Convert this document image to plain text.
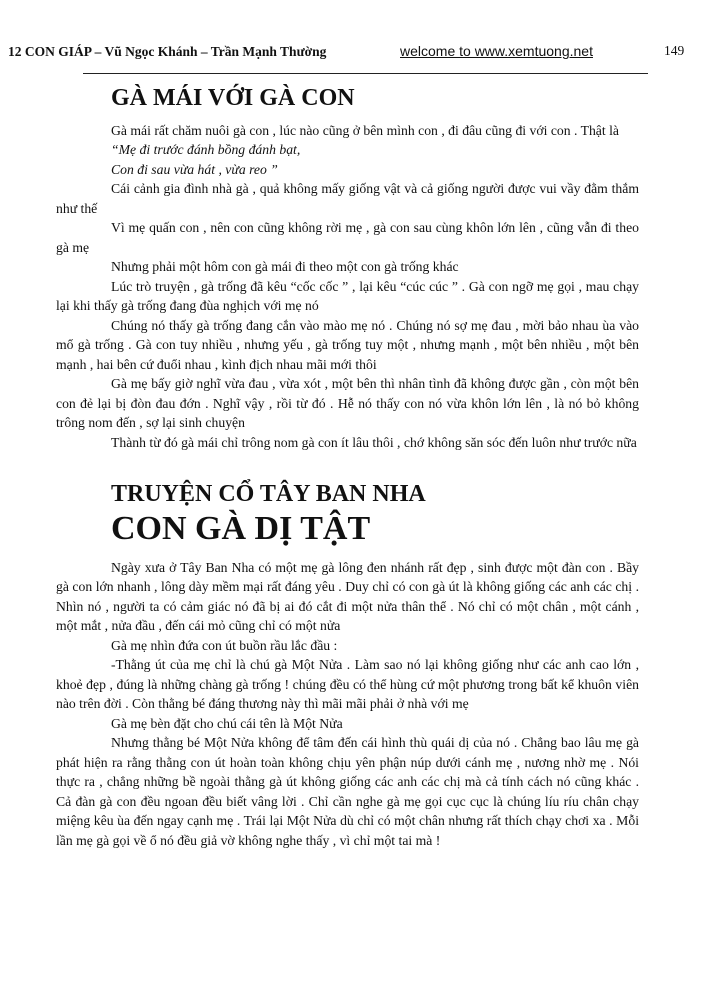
12 CON GIÁP – Vũ Ngọc Khánh – Trần Mạnh Thường	welcome to www.xemtuong.net	149
GÀ MÁI VỚI GÀ CON

Gà mái rất chăm nuôi gà con , lúc nào cũng ở bên mình con , đi đâu cũng đi với con . Thật là

“Mẹ đi trước đánh bồng đánh bạt,

Con đi sau vừa hát , vừa reo ”

Cái cảnh gia đình nhà gà , quả không mấy giống vật và cả giống người được vui vầy đằm thắm như thế

Vì mẹ quấn con , nên con cũng không rời mẹ , gà con sau cùng khôn lớn lên , cũng vẫn đi theo gà mẹ

Nhưng phải một hôm con gà mái đi theo một con gà trống khác

Lúc trò truyện , gà trống đã kêu “cốc cốc ” , lại kêu “cúc cúc ” . Gà con ngỡ mẹ gọi , mau chạy lại khi thấy gà trống đang đùa nghịch với mẹ nó

Chúng nó thấy gà trống đang cắn vào mào mẹ nó . Chúng nó sợ mẹ đau , mời bảo nhau ùa vào mổ gà trống . Gà con tuy nhiều , nhưng yếu , gà trống tuy một , nhưng mạnh , một bên nhiều , một bên mạnh , hai bên cứ đuổi nhau , kình địch nhau mãi mới thôi

Gà mẹ bấy giờ nghĩ vừa đau , vừa xót , một bên thì nhân tình đã không được gần , còn một bên con đẻ lại bị đòn đau đớn . Nghĩ vậy , rồi từ đó . Hễ nó thấy con nó vừa khôn lớn lên , là nó bỏ không trông nom đến , sợ lại sinh chuyện

Thành từ đó gà mái chỉ trông nom gà con ít lâu thôi , chớ không săn sóc đến luôn như trước nữa

TRUYỆN CỔ TÂY BAN NHA
CON GÀ DỊ TẬT

Ngày xưa ở Tây Ban Nha có một mẹ gà lông đen nhánh rất đẹp , sinh được một đàn con . Bầy gà con lớn nhanh , lông dày mềm mại rất đáng yêu . Duy chỉ có con gà út là không giống các anh các chị . Nhìn nó , người ta có cảm giác nó đã bị ai đó cắt đi một nửa thân thể . Nó chỉ có một chân , một cánh , một mắt , nửa đầu , đến cái mỏ cũng chỉ có một nửa

Gà mẹ nhìn đứa con út buồn rầu lắc đầu :

-Thằng út của mẹ chỉ là chú gà Một Nửa . Làm sao nó lại không giống như các anh cao lớn , khoẻ đẹp , đúng là những chàng gà trống ! chúng đều có thể hùng cứ một phương trong bất kể khuôn viên nào trên đời . Còn thằng bé đáng thương này thì mãi mãi phải ở nhà với mẹ

Gà mẹ bèn đặt cho chú cái tên là Một Nửa

Nhưng thằng bé Một Nửa không để tâm đến cái hình thù quái dị của nó . Chẳng bao lâu mẹ gà phát hiện ra rằng thằng con út hoàn toàn không chịu yên phận núp dưới cánh mẹ , nương nhờ mẹ . Nói thực ra , chẳng những bề ngoài thằng gà út không giống các anh các chị mà cả tính cách nó cũng khác . Cả đàn gà con đều ngoan đều biết vâng lời . Chỉ cần nghe gà mẹ gọi cục cục là chúng líu ríu chân chạy miệng kêu ùa đến ngay cạnh mẹ . Trái lại Một Nửa dù chỉ có một chân nhưng rất thích chạy chơi xa . Mỗi lần mẹ gà gọi về ổ nó đều giả vờ không nghe thấy , vì chỉ một tai mà !
